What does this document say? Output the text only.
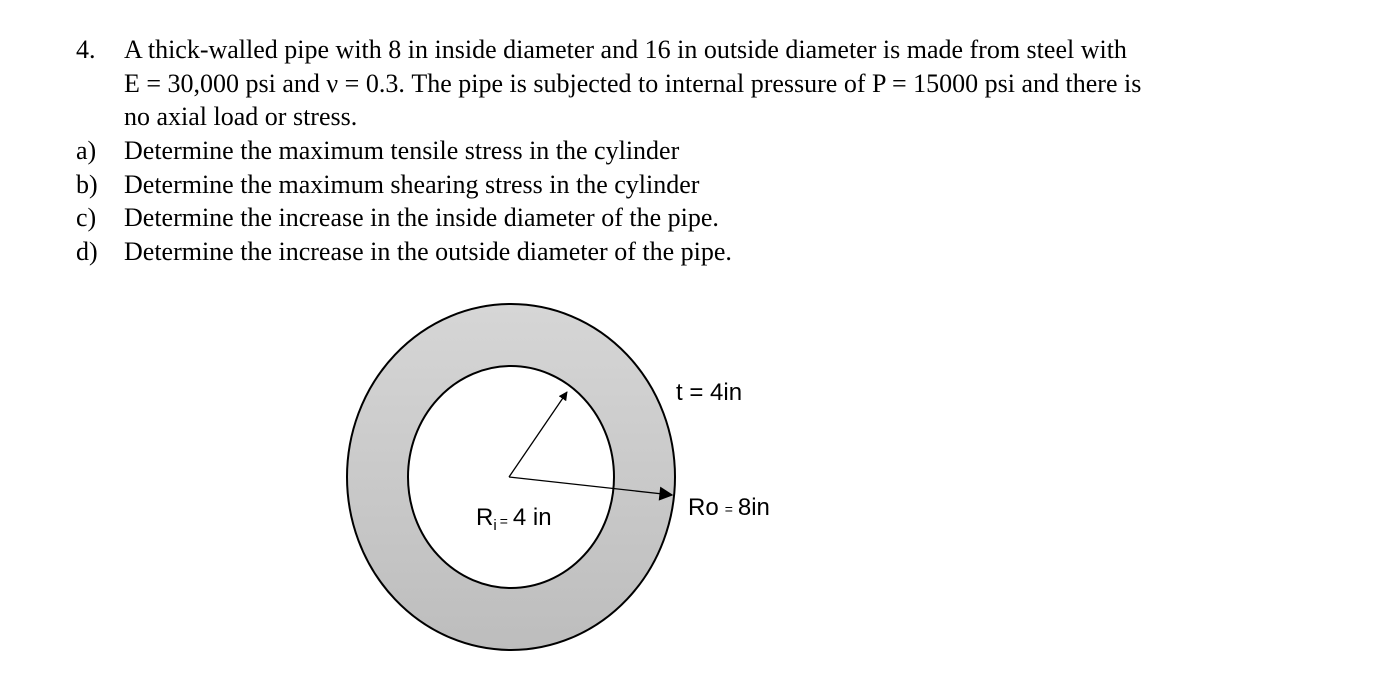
4. A thick-walled pipe with 8 in inside diameter and 16 in outside diameter is made from steel with
E = 30,000 psi and ν = 0.3. The pipe is subjected to internal pressure of P = 15000 psi and there is
no axial load or stress.
a) Determine the maximum tensile stress in the cylinder
b) Determine the maximum shearing stress in the cylinder
c) Determine the increase in the inside diameter of the pipe.
d) Determine the increase in the outside diameter of the pipe.
t = 4in
Ri = 4 in	Ro = 8in
